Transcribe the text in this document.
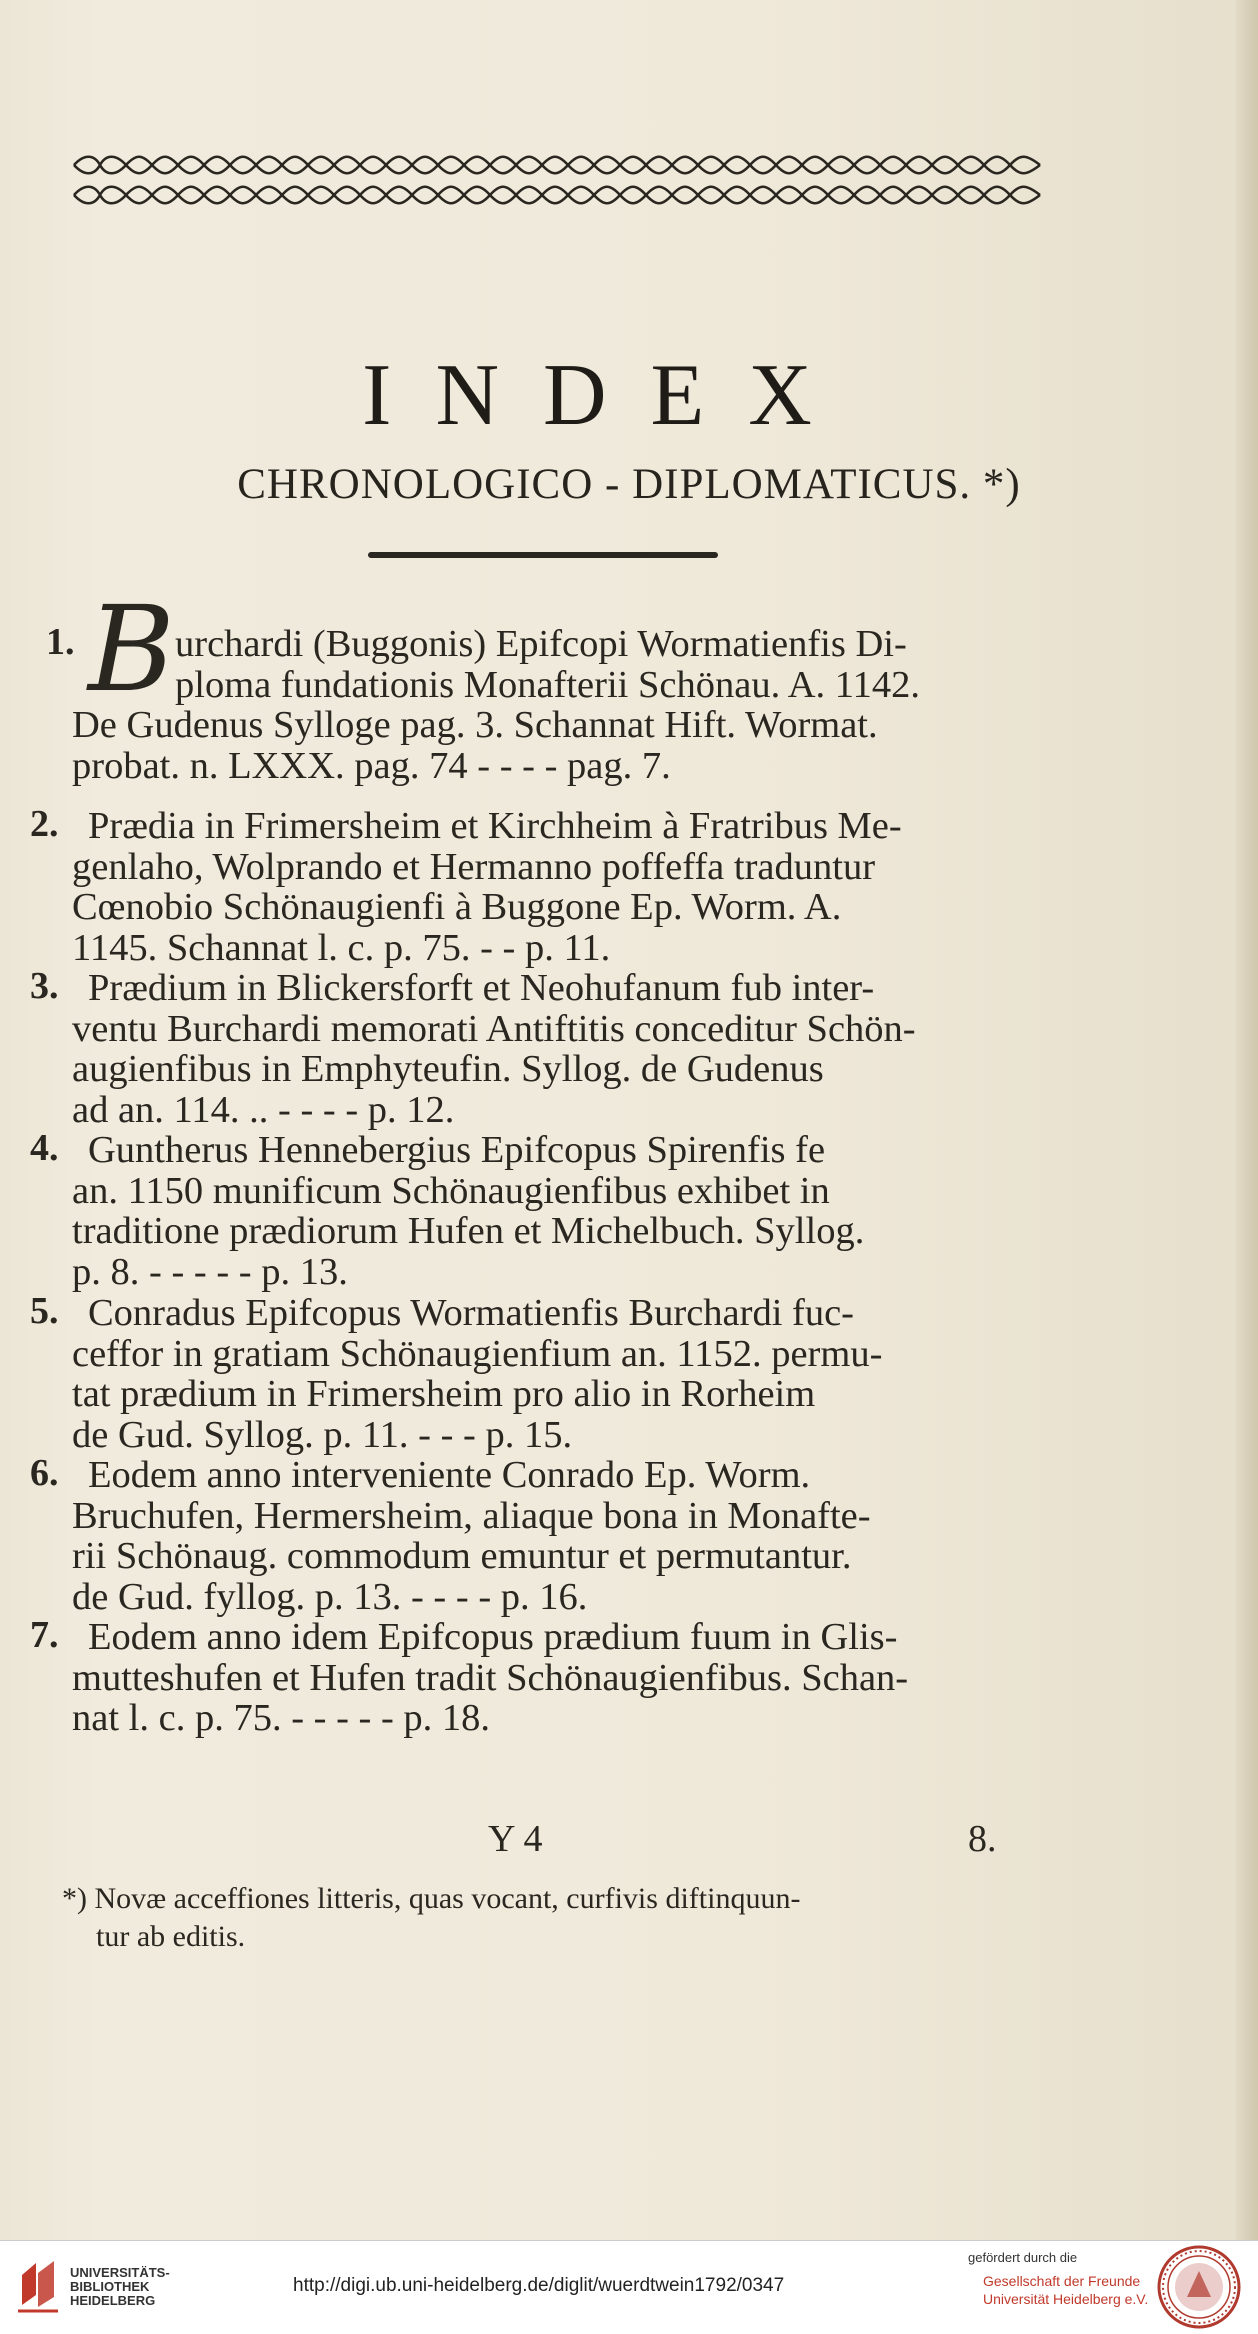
INDEX
CHRONOLOGICO - DIPLOMATICUS. *)
1. B urchardi (Buggonis) Epifcopi Wormatienfis Di-
ploma fundationis Monafterii Schönau. A. 1142.
De Gudenus Sylloge pag. 3. Schannat Hift. Wormat.
probat. n. LXXX. pag. 74 - - - - pag. 7.
2. Prædia in Frimersheim et Kirchheim à Fratribus Me-
genlaho, Wolprando et Hermanno poffeffa traduntur
Cœnobio Schönaugienfi à Buggone Ep. Worm. A.
1145. Schannat l. c. p. 75. - - p. 11.
3. Prædium in Blickersforft et Neohufanum fub inter-
ventu Burchardi memorati Antiftitis conceditur Schön-
augienfibus in Emphyteufin. Syllog. de Gudenus
ad an. 114. .. - - - - p. 12.
4. Guntherus Hennebergius Epifcopus Spirenfis fe
an. 1150 munificum Schönaugienfibus exhibet in
traditione prædiorum Hufen et Michelbuch. Syllog.
p. 8. - - - - - p. 13.
5. Conradus Epifcopus Wormatienfis Burchardi fuc-
ceffor in gratiam Schönaugienfium an. 1152. permu-
tat prædium in Frimersheim pro alio in Rorheim
de Gud. Syllog. p. 11. - - - p. 15.
6. Eodem anno interveniente Conrado Ep. Worm.
Bruchufen, Hermersheim, aliaque bona in Monafte-
rii Schönaug. commodum emuntur et permutantur.
de Gud. fyllog. p. 13. - - - - p. 16.
7. Eodem anno idem Epifcopus prædium fuum in Glis-
mutteshufen et Hufen tradit Schönaugienfibus. Schan-
nat l. c. p. 75. - - - - - p. 18.
Y 4	8.
*) Novæ acceffiones litteris, quas vocant, curfivis diftinquun-
tur ab editis.
UNIVERSITÄTS-
BIBLIOTHEK
HEIDELBERG
http://digi.ub.uni-heidelberg.de/diglit/wuerdtwein1792/0347
gefördert durch die
Gesellschaft der Freunde
Universität Heidelberg e.V.
